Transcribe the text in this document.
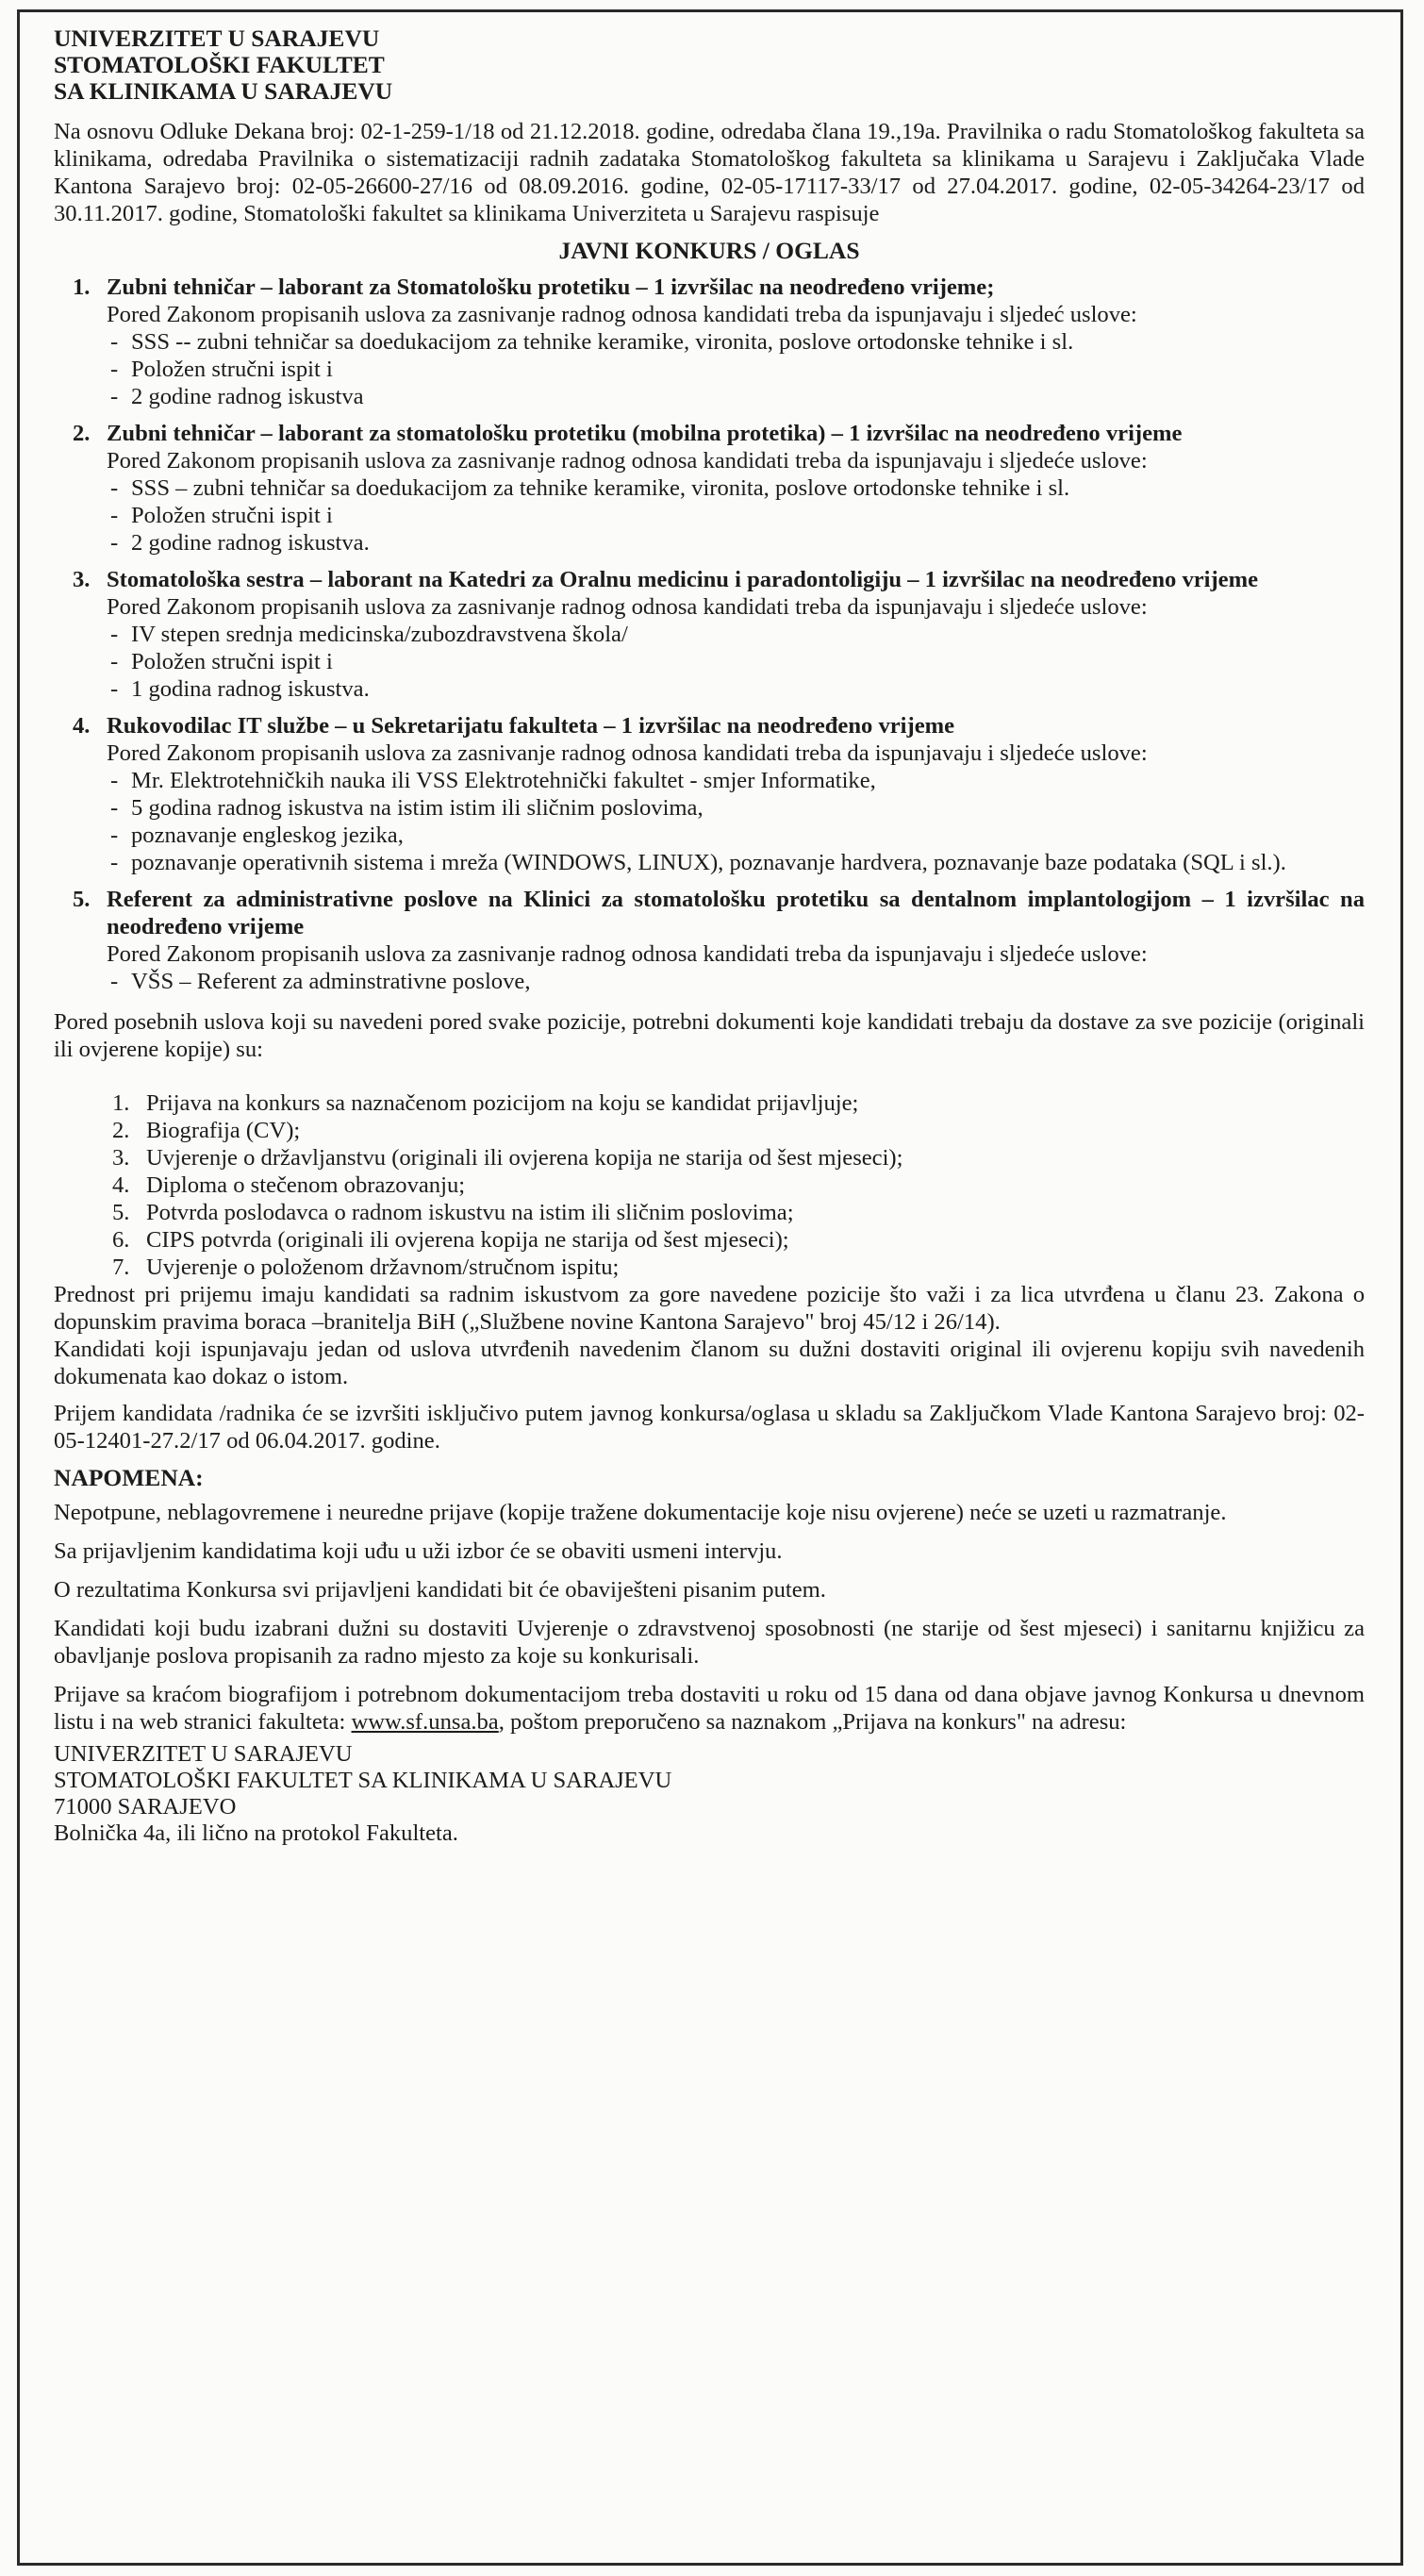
UNIVERZITET U SARAJEVU

STOMATOLOŠKI FAKULTET

SA KLINIKAMA U SARAJEVU

Na osnovu Odluke Dekana broj: 02-1-259-1/18 od 21.12.2018. godine, odredaba člana 19.,19a. Pravilnika o radu Stomatološkog fakulteta sa klinikama, odredaba Pravilnika o sistematizaciji radnih zadataka Stomatološkog fakulteta sa klinikama u Sarajevu i Zaključaka Vlade Kantona Sarajevo broj: 02-05-26600-27/16 od 08.09.2016. godine, 02-05-17117-33/17 od 27.04.2017. godine, 02-05-34264-23/17 od 30.11.2017. godine, Stomatološki fakultet sa klinikama Univerziteta u Sarajevu raspisuje

JAVNI KONKURS / OGLAS

1. Zubni tehničar – laborant za Stomatološku protetiku – 1 izvršilac na neodređeno vrijeme;
Pored Zakonom propisanih uslova za zasnivanje radnog odnosa kandidati treba da ispunjavaju i sljedeć uslove:
- SSS -- zubni tehničar sa doedukacijom za tehnike keramike, vironita, poslove ortodonske tehnike i sl.
- Položen stručni ispit i
- 2 godine radnog iskustva
2. Zubni tehničar – laborant za stomatološku protetiku (mobilna protetika) – 1 izvršilac na neodređeno vrijeme
Pored Zakonom propisanih uslova za zasnivanje radnog odnosa kandidati treba da ispunjavaju i sljedeće uslove:
- SSS – zubni tehničar sa doedukacijom za tehnike keramike, vironita, poslove ortodonske tehnike i sl.
- Položen stručni ispit i
- 2 godine radnog iskustva.
3. Stomatološka sestra – laborant na Katedri za Oralnu medicinu i paradontoligiju – 1 izvršilac na neodređeno vrijeme
Pored Zakonom propisanih uslova za zasnivanje radnog odnosa kandidati treba da ispunjavaju i sljedeće uslove:
- IV stepen srednja medicinska/zubozdravstvena škola/
- Položen stručni ispit i
- 1 godina radnog iskustva.
4. Rukovodilac IT službe – u Sekretarijatu fakulteta – 1 izvršilac na neodređeno vrijeme
Pored Zakonom propisanih uslova za zasnivanje radnog odnosa kandidati treba da ispunjavaju i sljedeće uslove:
- Mr. Elektrotehničkih nauka ili VSS Elektrotehnički fakultet - smjer Informatike,
- 5 godina radnog iskustva na istim istim ili sličnim poslovima,
- poznavanje engleskog jezika,
- poznavanje operativnih sistema i mreža (WINDOWS, LINUX), poznavanje hardvera, poznavanje baze podataka (SQL i sl.).
5. Referent za administrativne poslove na Klinici za stomatološku protetiku sa dentalnom implantologijom – 1 izvršilac na neodređeno vrijeme
Pored Zakonom propisanih uslova za zasnivanje radnog odnosa kandidati treba da ispunjavaju i sljedeće uslove:
- VŠS – Referent za adminstrativne poslove,

Pored posebnih uslova koji su navedeni pored svake pozicije, potrebni dokumenti koje kandidati trebaju da dostave za sve pozicije (originali ili ovjerene kopije) su:

1. Prijava na konkurs sa naznačenom pozicijom na koju se kandidat prijavljuje;
2. Biografija (CV);
3. Uvjerenje o državljanstvu (originali ili ovjerena kopija ne starija od šest mjeseci);
4. Diploma o stečenom obrazovanju;
5. Potvrda poslodavca o radnom iskustvu na istim ili sličnim poslovima;
6. CIPS potvrda (originali ili ovjerena kopija ne starija od šest mjeseci);
7. Uvjerenje o položenom državnom/stručnom ispitu;

Prednost pri prijemu imaju kandidati sa radnim iskustvom za gore navedene pozicije što važi i za lica utvrđena u članu 23. Zakona o dopunskim pravima boraca –branitelja BiH („Službene novine Kantona Sarajevo" broj 45/12 i 26/14).

Kandidati koji ispunjavaju jedan od uslova utvrđenih navedenim članom su dužni dostaviti original ili ovjerenu kopiju svih navedenih dokumenata kao dokaz o istom.

Prijem kandidata /radnika će se izvršiti isključivo putem javnog konkursa/oglasa u skladu sa Zaključkom Vlade Kantona Sarajevo broj: 02-05-12401-27.2/17 od 06.04.2017. godine.

NAPOMENA:

Nepotpune, neblagovremene i neuredne prijave (kopije tražene dokumentacije koje nisu ovjerene) neće se uzeti u razmatranje.

Sa prijavljenim kandidatima koji uđu u uži izbor će se obaviti usmeni intervju.

O rezultatima Konkursa svi prijavljeni kandidati bit će obaviješteni pisanim putem.

Kandidati koji budu izabrani dužni su dostaviti Uvjerenje o zdravstvenoj sposobnosti (ne starije od šest mjeseci) i sanitarnu knjižicu za obavljanje poslova propisanih za radno mjesto za koje su konkurisali.

Prijave sa kraćom biografijom i potrebnom dokumentacijom treba dostaviti u roku od 15 dana od dana objave javnog Konkursa u dnevnom listu i na web stranici fakulteta: www.sf.unsa.ba, poštom preporučeno sa naznakom „Prijava na konkurs" na adresu:

UNIVERZITET U SARAJEVU

STOMATOLOŠKI FAKULTET SA KLINIKAMA U SARAJEVU

71000 SARAJEVO

Bolnička 4a, ili lično na protokol Fakulteta.
